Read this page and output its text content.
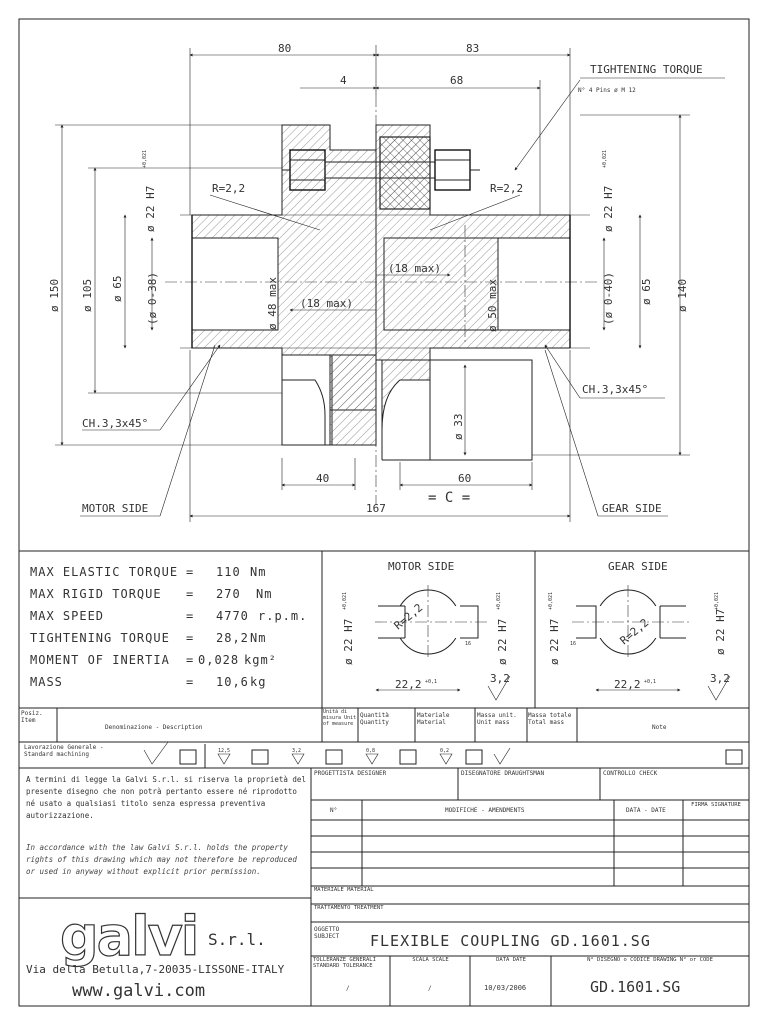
80	83
4	68
TIGHTENING TORQUE
N° 4 Pins ø M 12
R=2,2	R=2,2
ø 150 ø 105 ø 65 (ø 0-38)
ø 22 H7
+0,021
ø 48 max (18 max)
(18 max)
ø 50 max	(ø 0-40)
ø 22 H7
+0,021
ø 65 ø 140
ø 33
CH.3,3x45°
CH.3,3x45°
40	60
167
= C =
MOTOR SIDE	GEAR SIDE
MAX ELASTIC TORQUE = 110 Nm
MAX RIGID TORQUE = 270 Nm
MAX SPEED	= 4770 r.p.m.
TIGHTENING TORQUE = 28,2 Nm
MOMENT OF INERTIA = 0,028 kgm²
MASS	= 10,6 kg
MOTOR SIDE
R=2,2
ø 22 H7
+0,021
ø 22 H7
+0,021
16
22,2 +0,1	3,2
GEAR SIDE
R=2,2
ø 22 H7
+0,021
ø 22 H7
+0,021
16
22,2 +0,1	3,2
Posiz. Item
Denominazione - Description
Unità di misura Unit of measure
Quantità Quantity
Materiale Material
Massa unit. Unit mass
Massa totale Total mass
Note
Lavorazione Generale - Standard machining	12,5	3,2	0,8	0,2
A termini di legge la Galvi S.r.l. si riserva la proprietà del presente disegno che non potrà pertanto essere né riprodotto né usato a qualsiasi titolo senza espressa preventiva autorizzazione.
In accordance with the law Galvi S.r.l. holds the property rights of this drawing which may not therefore be reproduced or used in anyway without explicit prior permission.
galvi S.r.l.
Via della Betulla,7-20035-LISSONE-ITALY
www.galvi.com
PROGETTISTA DESIGNER	DISEGNATORE DRAUGHTSMAN	CONTROLLO CHECK
N°	MODIFICHE - AMENDMENTS	DATA - DATE
FIRMA SIGNATURE
MATERIALE MATERIAL
TRATTAMENTO TREATMENT
OGGETTO SUBJECT	FLEXIBLE COUPLING GD.1601.SG
TOLLERANZE GENERALI STANDARD TOLERANCE
SCALA SCALE	DATA DATE	N° DISEGNO o CODICE DRAWING N° or CODE
/	/	10/03/2006	GD.1601.SG
